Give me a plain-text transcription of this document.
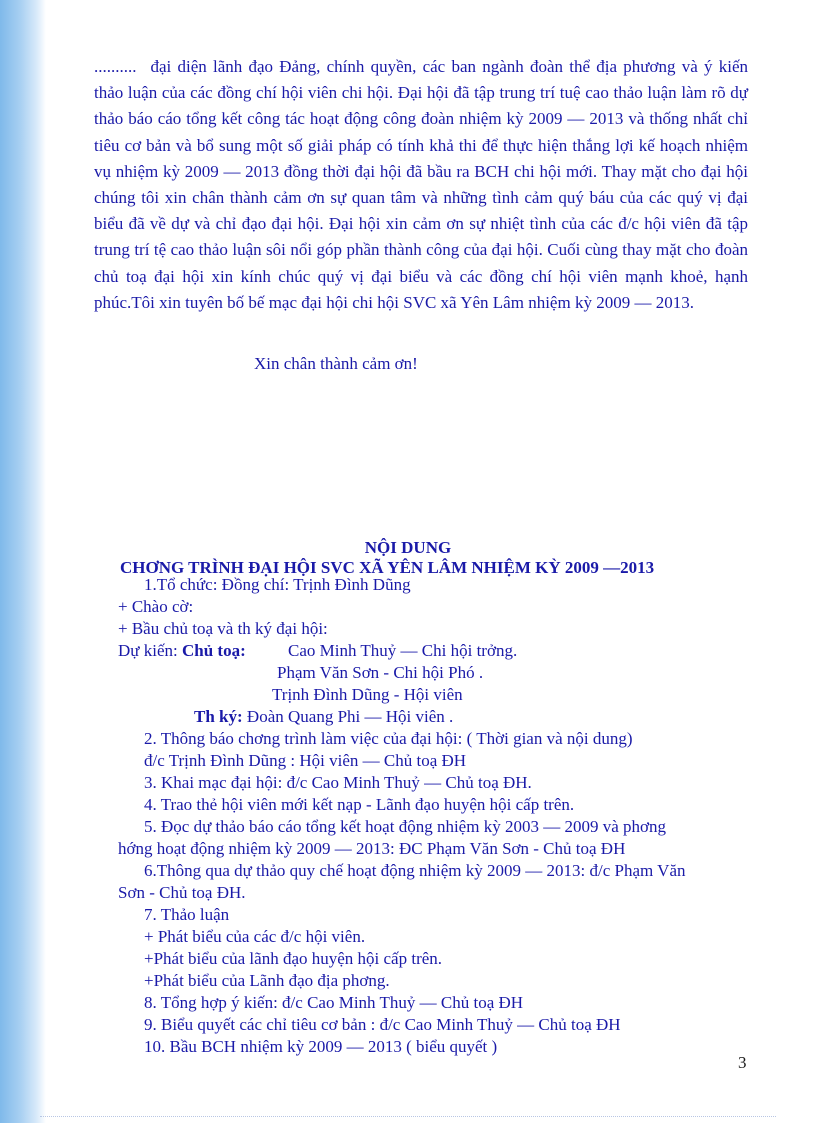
.......... đại diện lãnh đạo Đảng, chính quyền, các ban ngành đoàn thể địa phương và ý kiến thảo luận của các đồng chí hội viên chi hội. Đại hội đã tập trung trí tuệ cao thảo luận làm rõ dự thảo báo cáo tổng kết công tác hoạt động công đoàn nhiệm kỳ 2009 — 2013 và thống nhất chỉ tiêu cơ bản và bổ sung một số giải pháp có tính khả thi để thực hiện thắng lợi kế hoạch nhiệm vụ nhiệm kỳ 2009 — 2013 đồng thời đại hội đã bầu ra BCH chi hội mới. Thay mặt cho đại hội chúng tôi xin chân thành cảm ơn sự quan tâm và những tình cảm quý báu của các quý vị đại biểu đã về dự và chỉ đạo đại hội. Đại hội xin cảm ơn sự nhiệt tình của các đ/c hội viên đã tập trung trí tệ cao thảo luận sôi nổi góp phần thành công của đại hội. Cuối cùng thay mặt cho đoàn chủ toạ đại hội xin kính chúc quý vị đại biểu và các đồng chí hội viên mạnh khoẻ, hạnh phúc.Tôi xin tuyên bố bế mạc đại hội chi hội SVC xã Yên Lâm nhiệm kỳ 2009 — 2013.
Xin chân thành cảm ơn!
NỘI DUNG
CHƠNG TRÌNH ĐẠI HỘI SVC XÃ YÊN LÂM NHIỆM KỲ 2009 —2013
1.Tổ chức: Đồng chí: Trịnh Đình Dũng
+ Chào cờ:
+ Bầu chủ toạ và th ký đại hội:
Dự kiến: Chủ toạ: Cao Minh Thuỷ — Chi hội trởng.
Phạm Văn Sơn - Chi hội Phó .
Trịnh Đình Dũng - Hội viên
Th ký: Đoàn Quang Phi — Hội viên .
2. Thông báo chơng trình làm việc của đại hội: ( Thời gian và nội dung)
đ/c Trịnh Đình Dũng : Hội viên — Chủ toạ ĐH
3. Khai mạc đại hội: đ/c Cao Minh Thuỷ — Chủ toạ ĐH.
4. Trao thẻ hội viên mới kết nạp - Lãnh đạo huyện hội cấp trên.
5. Đọc dự thảo báo cáo tổng kết hoạt động nhiệm kỳ 2003 — 2009 và phơng
hớng hoạt động nhiệm kỳ 2009 — 2013: ĐC Phạm Văn Sơn - Chủ toạ ĐH
6.Thông qua dự thảo quy chế hoạt động nhiệm kỳ 2009 — 2013: đ/c Phạm Văn
Sơn - Chủ toạ ĐH.
7. Thảo luận
+ Phát biểu của các đ/c hội viên.
+Phát biểu của lãnh đạo huyện hội cấp trên.
+Phát biểu của Lãnh đạo địa phơng.
8. Tổng hợp ý kiến: đ/c Cao Minh Thuỷ — Chủ toạ ĐH
9. Biểu quyết các chỉ tiêu cơ bản : đ/c Cao Minh Thuỷ — Chủ toạ ĐH
10. Bầu BCH nhiệm kỳ 2009 — 2013 ( biểu quyết )
3
